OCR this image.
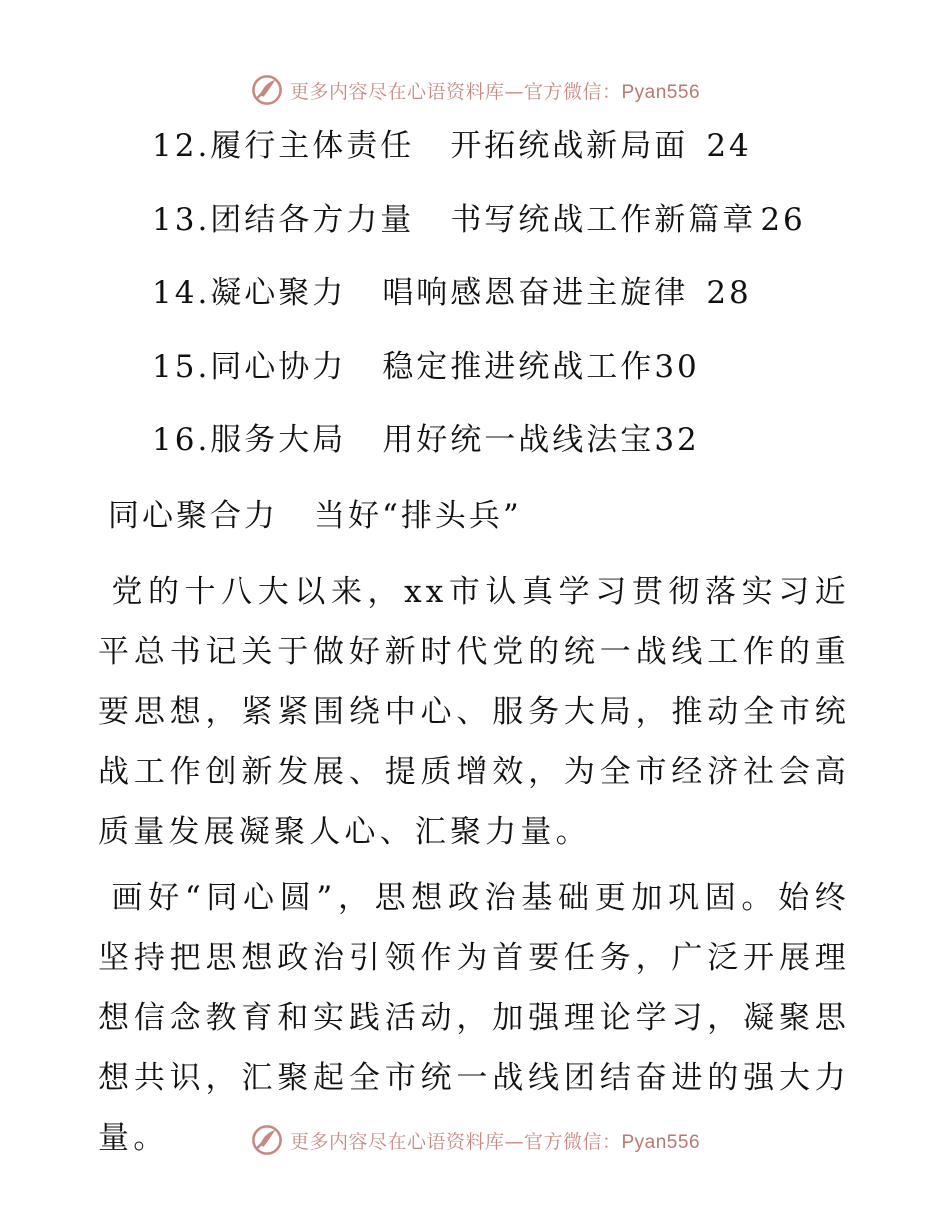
更多内容尽在心语资料库—官方微信：Pyan556
12.履行主体责任 开拓统战新局面 24
13.团结各方力量 书写统战工作新篇章 26
14.凝心聚力 唱响感恩奋进主旋律 28
15.同心协力 稳定推进统战工作30
16.服务大局 用好统一战线法宝32
同心聚合力 当好“排头兵”

党的十八大以来，xx市认真学习贯彻落实习近平总书记关于做好新时代党的统一战线工作的重要思想，紧紧围绕中心、服务大局，推动全市统战工作创新发展、提质增效，为全市经济社会高质量发展凝聚人心、汇聚力量。

画好“同心圆”，思想政治基础更加巩固。始终坚持把思想政治引领作为首要任务，广泛开展理想信念教育和实践活动，加强理论学习，凝聚思想共识，汇聚起全市统一战线团结奋进的强大力量。	更多内容尽在心语资料库—官方微信：Pyan556
